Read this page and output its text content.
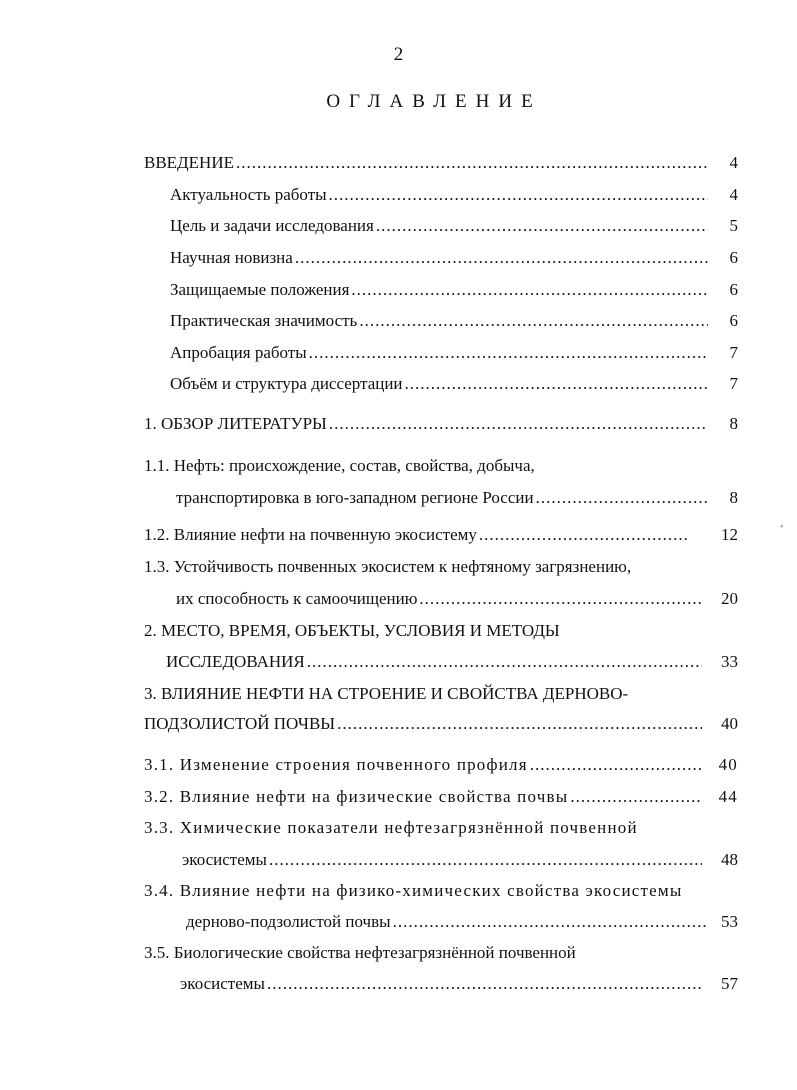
2
ОГЛАВЛЕНИЕ
ВВЕДЕНИЕ .....	4
Актуальность работы .....	4
Цель и задачи исследования .....	5
Научная новизна .....	6
Защищаемые положения .....	6
Практическая значимость .....	6
Апробация работы .....	7
Объём и структура диссертации .....	7
1. ОБЗОР ЛИТЕРАТУРЫ .....	8
1.1. Нефть: происхождение, состав, свойства, добыча,
транспортировка в юго-западном регионе России .....	8
1.2. Влияние нефти на почвенную экосистему .....	12
1.3. Устойчивость почвенных экосистем к нефтяному загрязнению,
их способность к самоочищению .....	20
2. МЕСТО, ВРЕМЯ, ОБЪЕКТЫ, УСЛОВИЯ И МЕТОДЫ
ИССЛЕДОВАНИЯ .....	33
3. ВЛИЯНИЕ НЕФТИ НА СТРОЕНИЕ И СВОЙСТВА ДЕРНОВО-
ПОДЗОЛИСТОЙ ПОЧВЫ .....	40
3.1. Изменение строения почвенного профиля .....	40
3.2. Влияние нефти на физические свойства почвы .....	44
3.3. Химические показатели нефтезагрязнённой почвенной
экосистемы .....	48
3.4. Влияние нефти на физико-химических свойства экосистемы
дерново-подзолистой почвы .....	53
3.5. Биологические свойства нефтезагрязнённой почвенной
экосистемы .....	57
ﾞ
